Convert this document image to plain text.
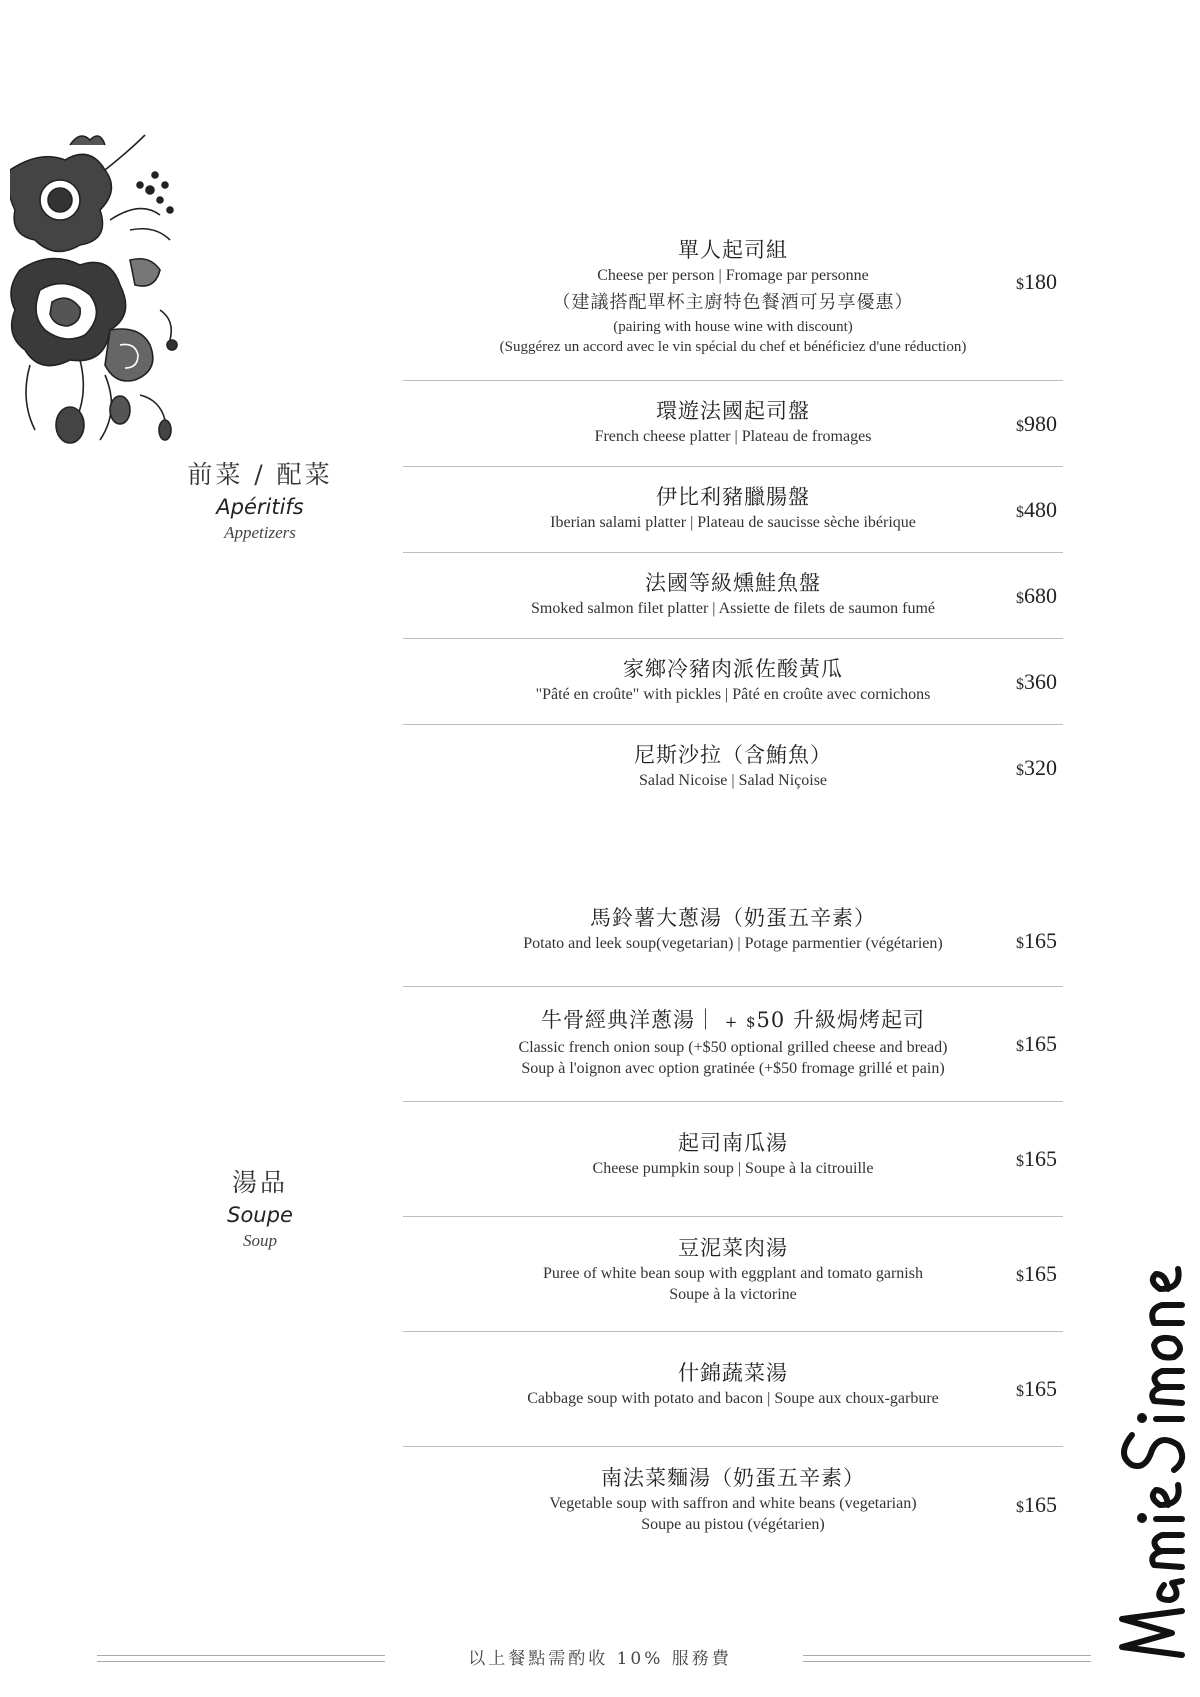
前菜 / 配菜
Apéritifs
Appetizers
單人起司組
Cheese per person | Fromage par personne
（建議搭配單杯主廚特色餐酒可另享優惠）
(pairing with house wine with discount)
(Suggérez un accord avec le vin spécial du chef et bénéficiez d'une réduction)
$180
環遊法國起司盤
French cheese platter | Plateau de fromages
$980
伊比利豬臘腸盤
Iberian salami platter | Plateau de saucisse sèche ibérique
$480
法國等級燻鮭魚盤
Smoked salmon filet platter | Assiette de filets de saumon fumé
$680
家鄉冷豬肉派佐酸黃瓜
"Pâté en croûte" with pickles | Pâté en croûte avec cornichons
$360
尼斯沙拉（含鮪魚）
Salad Nicoise | Salad Niçoise
$320
湯品
Soupe
Soup
馬鈴薯大蔥湯（奶蛋五辛素）
Potato and leek soup(vegetarian) | Potage parmentier (végétarien)	$165
牛骨經典洋蔥湯｜ + $50 升級焗烤起司
Classic french onion soup (+$50 optional grilled cheese and bread)
Soup à l'oignon avec option gratinée (+$50 fromage grillé et pain)
$165
起司南瓜湯
Cheese pumpkin soup | Soupe à la citrouille	$165
豆泥菜肉湯
Puree of white bean soup with eggplant and tomato garnish
Soupe à la victorine
$165
什錦蔬菜湯
Cabbage soup with potato and bacon | Soupe aux choux-garbure	$165
南法菜麵湯（奶蛋五辛素）
Vegetable soup with saffron and white beans (vegetarian)
Soupe au pistou (végétarien)
$165
以上餐點需酌收 10% 服務費
